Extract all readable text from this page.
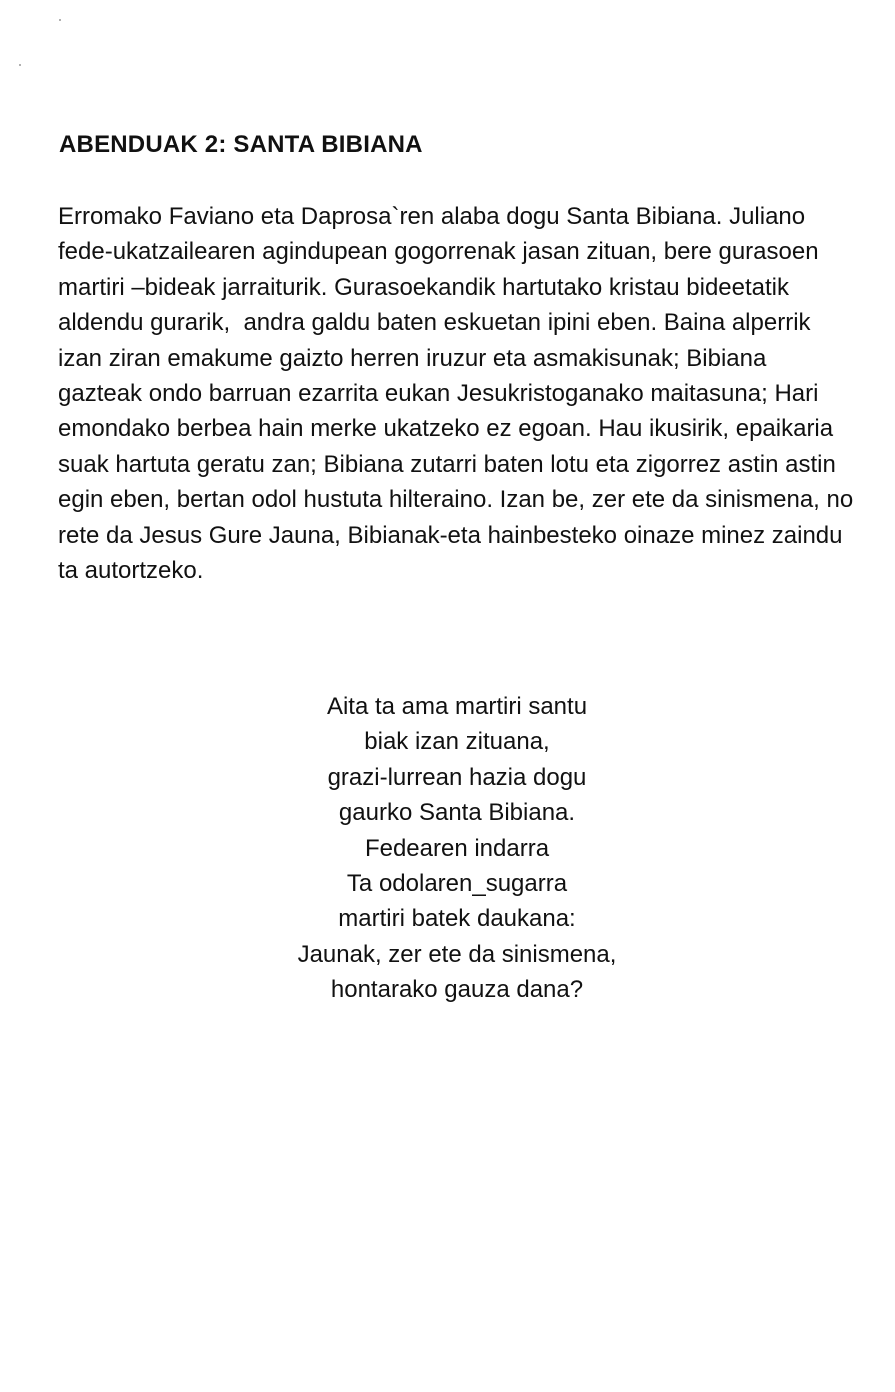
ABENDUAK 2: SANTA BIBIANA

Erromako Faviano eta Daprosa`ren alaba dogu Santa Bibiana. Juliano
fede-ukatzailearen agindupean gogorrenak jasan zituan, bere gurasoen
martiri –bideak jarraiturik. Gurasoekandik hartutako kristau bideetatik
aldendu gurarik,  andra galdu baten eskuetan ipini eben. Baina alperrik
izan ziran emakume gaizto herren iruzur eta asmakisunak; Bibiana
gazteak ondo barruan ezarrita eukan Jesukristoganako maitasuna; Hari
emondako berbea hain merke ukatzeko ez egoan. Hau ikusirik, epaikaria
suak hartuta geratu zan; Bibiana zutarri baten lotu eta zigorrez astin astin
egin eben, bertan odol hustuta hilteraino. Izan be, zer ete da sinismena, no
rete da Jesus Gure Jauna, Bibianak-eta hainbesteko oinaze minez zaindu
ta autortzeko.

Aita ta ama martiri santu
biak izan zituana,
grazi-lurrean hazia dogu
gaurko Santa Bibiana.
Fedearen indarra
Ta odolaren_sugarra
martiri batek daukana:
Jaunak, zer ete da sinismena,
hontarako gauza dana?
